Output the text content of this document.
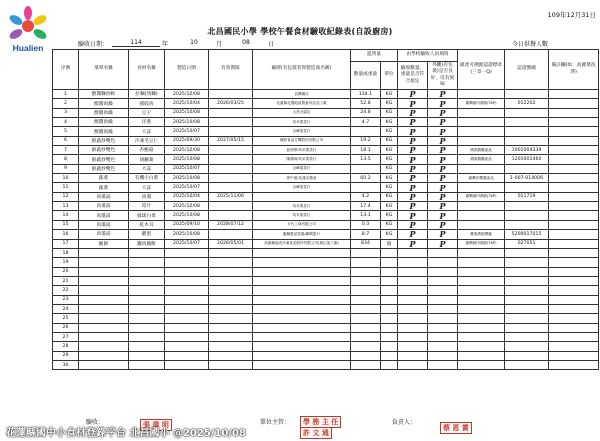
Hualien
109年12月31日
北昌國民小學 學校午餐食材驗收紀錄表(自設廚房)
驗收日期：	114	年	10	月	08	日	今日供餐人數
序號	菜單名稱	食材名稱	製造日期	有效期限	廠牌(有包裝者寫製造商名稱)	進貨量		由學校驗收人員填寫		國產可溯源認證標章(三章一Q)	認證號碼	備註欄(如：高麗菜洗淨)
						數量或重量	單位	驗收數量、重量是否符合規定	外觀(有包裝)是否良好、沒有異味			

1	醇醬麵炒軟	拉麵(熟麵)	2025/10/08		良興麵店	134.1	KG	P	P			
2	醇醬肉燥	豬絞肉	2025/10/04	2026/03/25	花蓮縣北農地區農會肉品加工廠	52.8	KG	P	P	臺灣豬肉溯源(TAP)	012202	
3	醇醬肉燥	豆干	2025/10/08		大昌豆腐店	24.8	KG	P	P			
4	醇醬肉燥	洋蔥	2025/10/08		均禾果菜行	4.7	KG	P	P			
5	醇醬肉燥	大蒜	2025/10/07		百峰果菜行		KG	P	P			
6	鮮蔬炒雙色	冷凍毛豆仁	2025/09/30	2027/05/15	綠野食品生機股份有限公司	19.2	KG	P	P			
7	鮮蔬炒雙色	杏鮑菇	2025/10/08		菇明學/均禾果菜行	18.1	KG	P	P	溯源農糧產品	1001004339	
8	鮮蔬炒雙色	胡蘿蔔	2025/10/08		陳漢琦/均禾果菜行	13.5	KG	P	P	溯源農糧產品	1201001460	
9	鮮蔬炒雙色	大蒜	2025/10/07		百峰果菜行		KG	P	P			
10	蔬菜	有機小白菜	2025/10/08		廖中豪/花蓮市農會	60.2	KG	P	P	臺灣有機農產品	1-007-014006	
11	蔬菜	大蒜	2025/10/07		百峰果菜行		KG	P	P			
12	肉羹湯	肉羹	2025/10/04	2025/11/06		4.2	KG	P	P	臺灣豬肉溯源(TAP)	011719	
13	肉羹湯	筍片	2025/10/08		均禾果菜行	17.4	KG	P	P			
14	肉羹湯	綠球白菜	2025/10/08		均禾果菜行	13.1	KG	P	P			
15	肉羹湯	乾木耳	2025/09/10	2028/07/12	永代工商有限公司	0.3	KG	P	P			
16	肉羹湯	雞蛋	2025/10/08		龍珮蛋品牧場/聯興蛋行	8.7	KG	P	P	雞蛋溯源標籤	5200017015	
17	鮪餅	罐肉鮪餅	2025/10/07	2026/05/01	高雄縣福成冷凍食品股份有限公司(旗山加工廠)	834	個	P	P	臺灣豬肉溯源(TAP)	027051	
18												
19												
20												
21												
22												
23												
24												
25												
26												
27												
28												
29												
30												
驗收：	張 瑋 明	單位主管：	學 務 主 任
許 文 通
負責人：
蔡 恩 賞
花蓮縣國中小食材登錄平台 北昌國小 @2025/10/08
